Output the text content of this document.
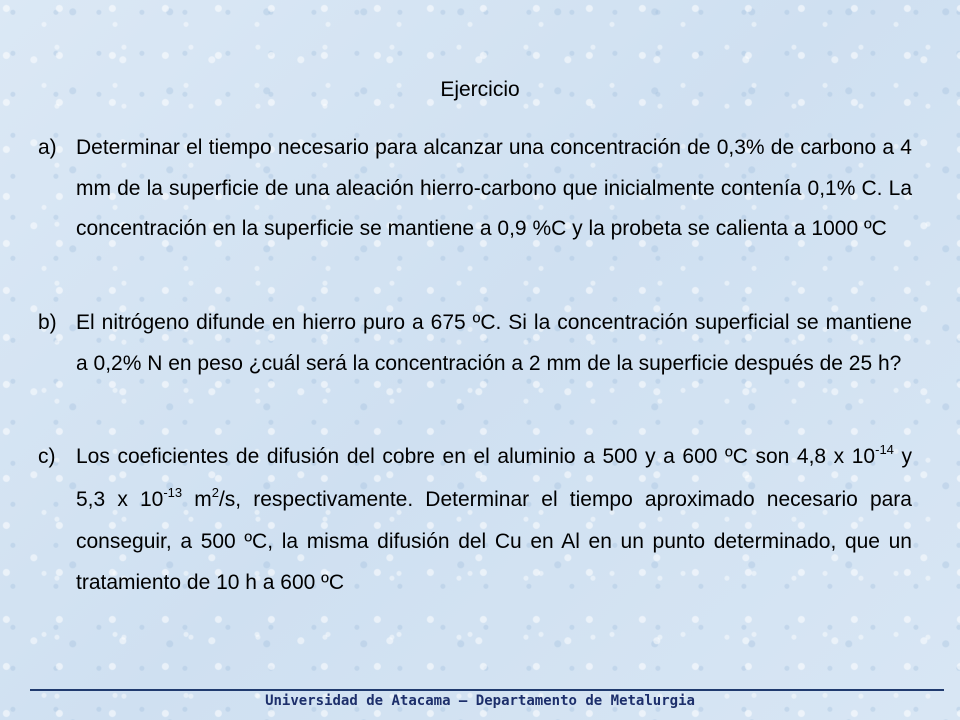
Ejercicio
a) Determinar el tiempo necesario para alcanzar una concentración de 0,3% de carbono a 4 mm de la superficie de una aleación hierro-carbono que inicialmente contenía 0,1% C. La concentración en la superficie se mantiene a 0,9 %C y la probeta se calienta a 1000 ºC
b) El nitrógeno difunde en hierro puro a 675 ºC. Si la concentración superficial se mantiene a 0,2% N en peso ¿cuál será la concentración a 2 mm de la superficie después de 25 h?
c) Los coeficientes de difusión del cobre en el aluminio a 500 y a 600 ºC son 4,8 x $10^{-14}$ y 5,3 x $10^{-13}$ $m^2/s$, respectivamente. Determinar el tiempo aproximado necesario para conseguir, a 500 ºC, la misma difusión del Cu en Al en un punto determinado, que un tratamiento de 10 h a 600 ºC
Universidad de Atacama – Departamento de Metalurgia
